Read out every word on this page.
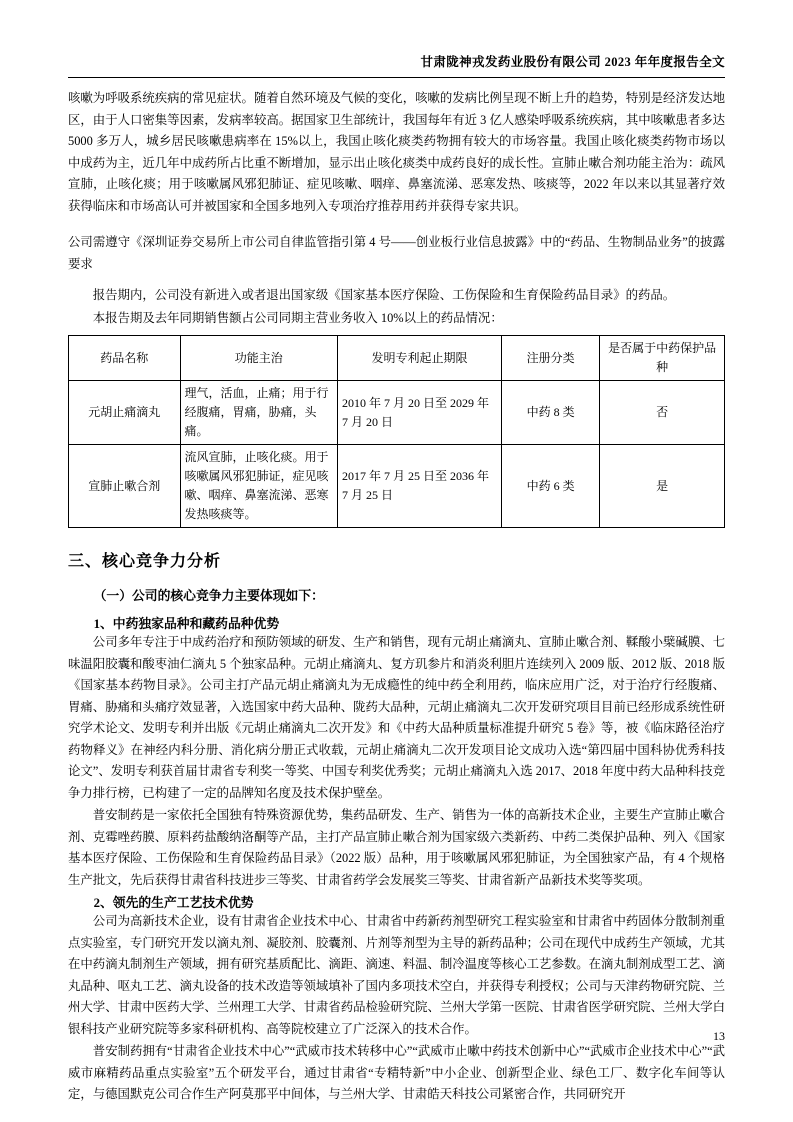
甘肃陇神戎发药业股份有限公司 2023 年年度报告全文

咳嗽为呼吸系统疾病的常见症状。随着自然环境及气候的变化，咳嗽的发病比例呈现不断上升的趋势，特别是经济发达地区，由于人口密集等因素，发病率较高。据国家卫生部统计，我国每年有近 3 亿人感染呼吸系统疾病，其中咳嗽患者多达 5000 多万人，城乡居民咳嗽患病率在 15%以上，我国止咳化痰类药物拥有较大的市场容量。我国止咳化痰类药物市场以中成药为主，近几年中成药所占比重不断增加，显示出止咳化痰类中成药良好的成长性。宣肺止嗽合剂功能主治为：疏风宣肺，止咳化痰；用于咳嗽属风邪犯肺证、症见咳嗽、咽痒、鼻塞流涕、恶寒发热、咳痰等，2022 年以来以其显著疗效获得临床和市场高认可并被国家和全国多地列入专项治疗推荐用药并获得专家共识。

公司需遵守《深圳证券交易所上市公司自律监管指引第 4 号——创业板行业信息披露》中的“药品、生物制品业务”的披露要求

报告期内，公司没有新进入或者退出国家级《国家基本医疗保险、工伤保险和生育保险药品目录》的药品。

本报告期及去年同期销售额占公司同期主营业务收入 10%以上的药品情况：

药品名称	功能主治	发明专利起止期限	注册分类	是否属于中药保护品种
元胡止痛滴丸	理气，活血，止痛；用于行经腹痛，胃痛，胁痛，头痛。	2010 年 7 月 20 日至 2029 年 7 月 20 日	中药 8 类	否
宣肺止嗽合剂	流风宣肺，止咳化痰。用于咳嗽属风邪犯肺证，症见咳嗽、咽痒、鼻塞流涕、恶寒发热咳痰等。	2017 年 7 月 25 日至 2036 年 7 月 25 日	中药 6 类	是
三、核心竞争力分析
（一）公司的核心竞争力主要体现如下：
1、中药独家品种和藏药品种优势

公司多年专注于中成药治疗和预防领域的研发、生产和销售，现有元胡止痛滴丸、宣肺止嗽合剂、鞣酸小檗碱膜、七味温阳胶囊和酸枣油仁滴丸 5 个独家品种。元胡止痛滴丸、复方玑参片和消炎利胆片连续列入 2009 版、2012 版、2018 版《国家基本药物目录》。公司主打产品元胡止痛滴丸为无成瘾性的纯中药全利用药，临床应用广泛，对于治疗行经腹痛、胃痛、胁痛和头痛疗效显著，入选国家中药大品种、陇药大品种，元胡止痛滴丸二次开发研究项目目前已经形成系统性研究学术论文、发明专利并出版《元胡止痛滴丸二次开发》和《中药大品种质量标准提升研究 5 卷》等，被《临床路径治疗药物释义》在神经内科分册、消化病分册正式收载，元胡止痛滴丸二次开发项目论文成功入选“第四届中国科协优秀科技论文”、发明专利获首届甘肃省专利奖一等奖、中国专利奖优秀奖；元胡止痛滴丸入选 2017、2018 年度中药大品种科技竞争力排行榜，已构建了一定的品牌知名度及技术保护壁垒。

普安制药是一家依托全国独有特殊资源优势，集药品研发、生产、销售为一体的高新技术企业，主要生产宣肺止嗽合剂、克霉唑药膜、原料药盐酸纳洛酮等产品，主打产品宣肺止嗽合剂为国家级六类新药、中药二类保护品种、列入《国家基本医疗保险、工伤保险和生育保险药品目录》（2022 版）品种，用于咳嗽属风邪犯肺证，为全国独家产品，有 4 个规格生产批文，先后获得甘肃省科技进步三等奖、甘肃省药学会发展奖三等奖、甘肃省新产品新技术奖等奖项。

2、领先的生产工艺技术优势

公司为高新技术企业，设有甘肃省企业技术中心、甘肃省中药新药剂型研究工程实验室和甘肃省中药固体分散制剂重点实验室，专门研究开发以滴丸剂、凝胶剂、胶囊剂、片剂等剂型为主导的新药品种；公司在现代中成药生产领域，尤其在中药滴丸制剂生产领域，拥有研究基质配比、滴距、滴速、料温、制冷温度等核心工艺参数。在滴丸制剂成型工艺、滴丸品种、呕丸工艺、滴丸设备的技术改造等领域填补了国内多项技术空白，并获得专利授权；公司与天津药物研究院、兰州大学、甘肃中医药大学、兰州理工大学、甘肃省药品检验研究院、兰州大学第一医院、甘肃省医学研究院、兰州大学白银科技产业研究院等多家科研机构、高等院校建立了广泛深入的技术合作。

普安制药拥有“甘肃省企业技术中心”“武威市技术转移中心”“武威市止嗽中药技术创新中心”“武威市企业技术中心”“武威市麻精药品重点实验室”五个研发平台，通过甘肃省“专精特新”中小企业、创新型企业、绿色工厂、数字化车间等认定，与德国默克公司合作生产阿莫那平中间体，与兰州大学、甘肃皓天科技公司紧密合作，共同研究开

13
